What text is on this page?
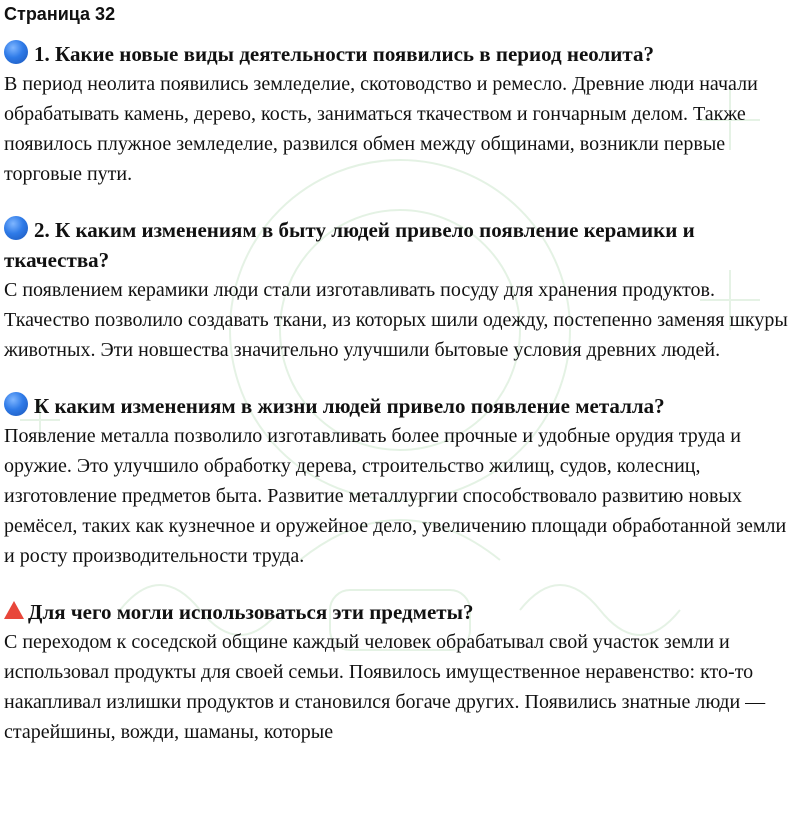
Страница 32

1. Какие новые виды деятельности появились в период неолита?

В период неолита появились земледелие, скотоводство и ремесло. Древние люди начали обрабатывать камень, дерево, кость, заниматься ткачеством и гончарным делом. Также появилось плужное земледелие, развился обмен между общинами, возникли первые торговые пути.

2. К каким изменениям в быту людей привело появление керамики и ткачества?

С появлением керамики люди стали изготавливать посуду для хранения продуктов. Ткачество позволило создавать ткани, из которых шили одежду, постепенно заменяя шкуры животных. Эти новшества значительно улучшили бытовые условия древних людей.

К каким изменениям в жизни людей привело появление металла?

Появление металла позволило изготавливать более прочные и удобные орудия труда и оружие. Это улучшило обработку дерева, строительство жилищ, судов, колесниц, изготовление предметов быта. Развитие металлургии способствовало развитию новых ремёсел, таких как кузнечное и оружейное дело, увеличению площади обработанной земли и росту производительности труда.

Для чего могли использоваться эти предметы?

С переходом к соседской общине каждый человек обрабатывал свой участок земли и использовал продукты для своей семьи. Появилось имущественное неравенство: кто-то накапливал излишки продуктов и становился богаче других. Появились знатные люди — старейшины, вожди, шаманы, которые
